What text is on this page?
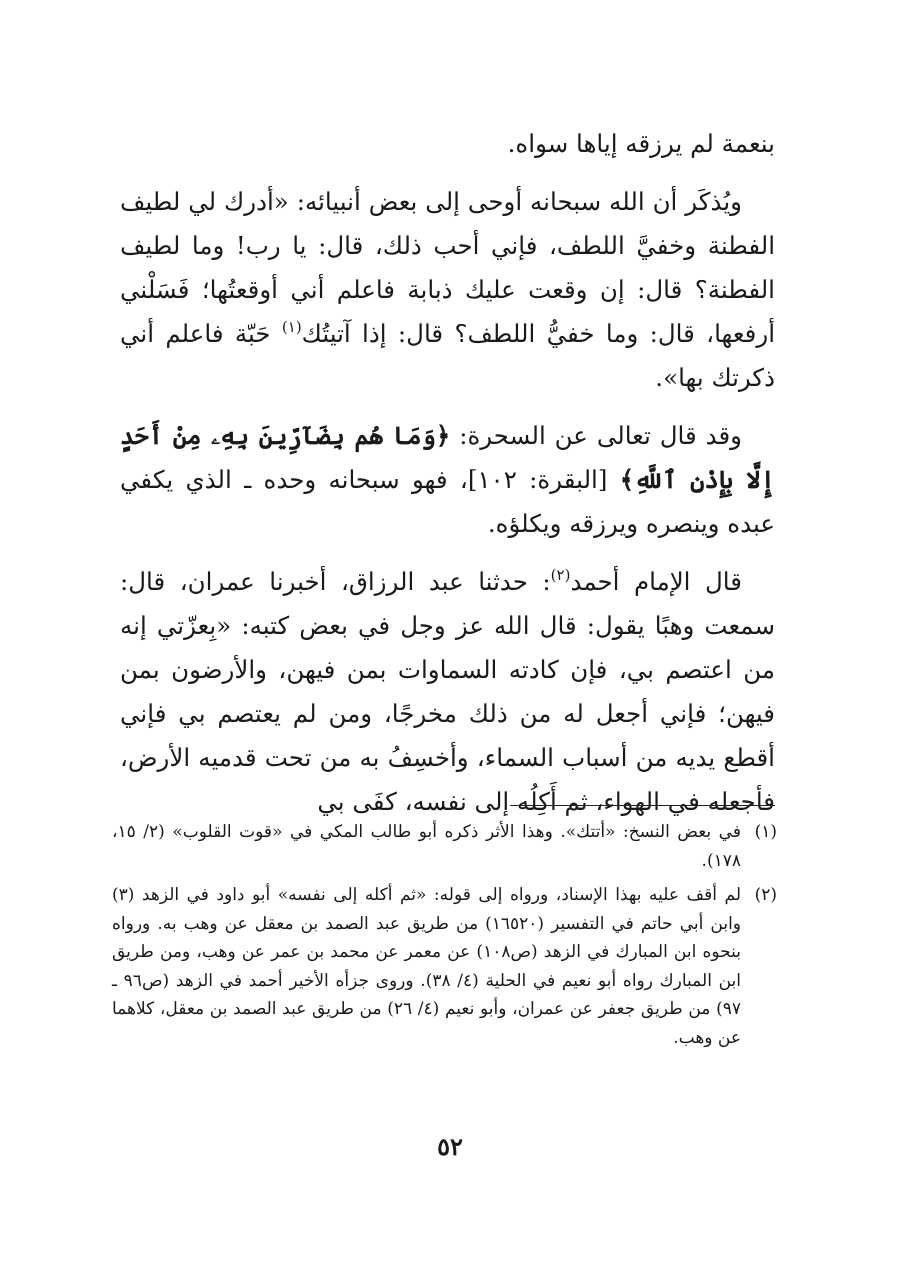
بنعمة لم يرزقه إياها سواه.

ويُذكَر أن الله سبحانه أوحى إلى بعض أنبيائه: «أدرك لي لطيف الفطنة وخفيَّ اللطف، فإني أحب ذلك، قال: يا رب! وما لطيف الفطنة؟ قال: إن وقعت عليك ذبابة فاعلم أني أوقعتُها؛ فَسَلْني أرفعها، قال: وما خفيُّ اللطف؟ قال: إذا آتيتُك$^{(١)}$ حَبّة فاعلم أني ذكرتك بها».

وقد قال تعالى عن السحرة: ﴿وَمَا هُم بِضَآرِّينَ بِهِۦ مِنْ أَحَدٍ إِلَّا بِإِذْنِ ٱللَّهِ﴾ [البقرة: ١٠٢]، فهو سبحانه وحده ـ الذي يكفي عبده وينصره ويرزقه ويكلؤه.

قال الإمام أحمد$^{(٢)}$: حدثنا عبد الرزاق، أخبرنا عمران، قال: سمعت وهبًا يقول: قال الله عز وجل في بعض كتبه: «بِعزّتي إنه من اعتصم بي، فإن كادته السماوات بمن فيهن، والأرضون بمن فيهن؛ فإني أجعل له من ذلك مخرجًا، ومن لم يعتصم بي فإني أقطع يديه من أسباب السماء، وأخسِفُ به من تحت قدميه الأرض، فأجعله في الهواء، ثم أَكِلُه إلى نفسه، كفَى بي

(١)
في بعض النسخ: «أتتك». وهذا الأثر ذكره أبو طالب المكي في «قوت القلوب» (٢/ ١٥، ١٧٨).
(٢)
لم أقف عليه بهذا الإسناد، ورواه إلى قوله: «ثم أكله إلى نفسه» أبو داود في الزهد (٣) وابن أبي حاتم في التفسير (١٦٥٢٠) من طريق عبد الصمد بن معقل عن وهب به. ورواه بنحوه ابن المبارك في الزهد (ص١٠٨) عن معمر عن محمد بن عمر عن وهب، ومن طريق ابن المبارك رواه أبو نعيم في الحلية (٤/ ٣٨). وروى جزأه الأخير أحمد في الزهد (ص٩٦ ـ ٩٧) من طريق جعفر عن عمران، وأبو نعيم (٤/ ٢٦) من طريق عبد الصمد بن معقل، كلاهما عن وهب.
٥٢
